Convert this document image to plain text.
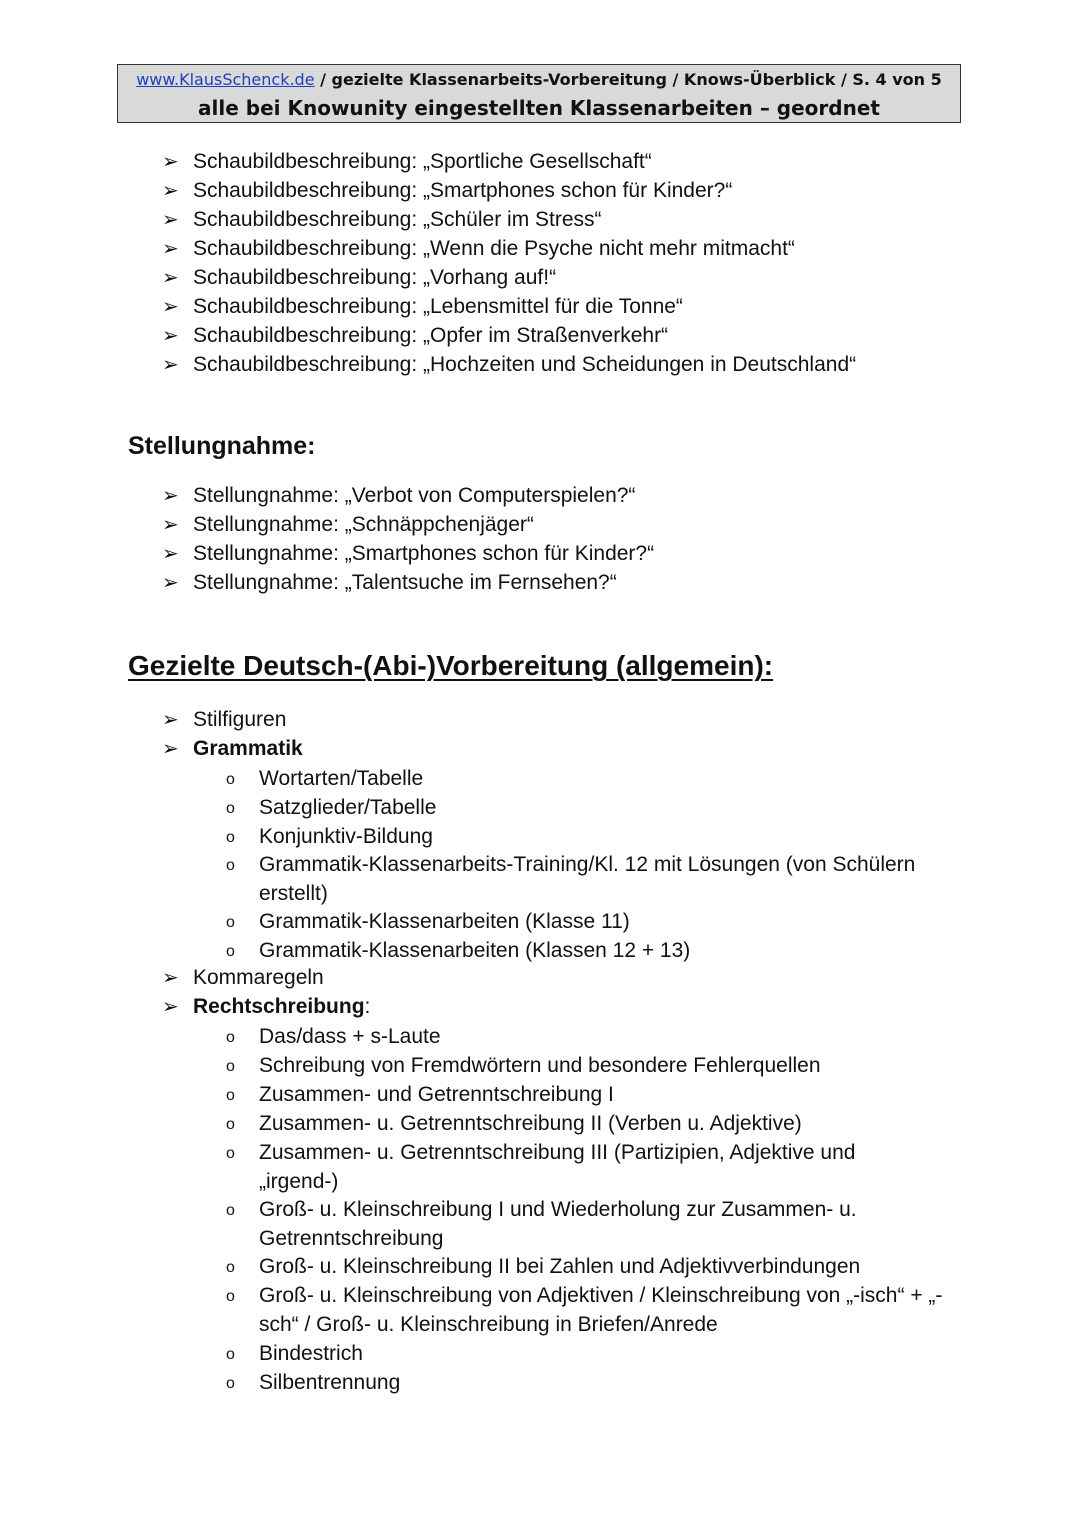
www.KlausSchenck.de / gezielte Klassenarbeits-Vorbereitung / Knows-Überblick / S. 4 von 5
alle bei Knowunity eingestellten Klassenarbeiten – geordnet
➢ Schaubildbeschreibung: „Sportliche Gesellschaft“
➢ Schaubildbeschreibung: „Smartphones schon für Kinder?“
➢ Schaubildbeschreibung: „Schüler im Stress“
➢ Schaubildbeschreibung: „Wenn die Psyche nicht mehr mitmacht“
➢ Schaubildbeschreibung: „Vorhang auf!“
➢ Schaubildbeschreibung: „Lebensmittel für die Tonne“
➢ Schaubildbeschreibung: „Opfer im Straßenverkehr“
➢ Schaubildbeschreibung: „Hochzeiten und Scheidungen in Deutschland“
Stellungnahme:
➢ Stellungnahme: „Verbot von Computerspielen?“
➢ Stellungnahme: „Schnäppchenjäger“
➢ Stellungnahme: „Smartphones schon für Kinder?“
➢ Stellungnahme: „Talentsuche im Fernsehen?“
Gezielte Deutsch-(Abi-)Vorbereitung (allgemein):
➢ Stilfiguren
➢ Grammatik
o Wortarten/Tabelle
o Satzglieder/Tabelle
o Konjunktiv-Bildung
o Grammatik-Klassenarbeits-Training/Kl. 12 mit Lösungen (von Schülern erstellt)
o Grammatik-Klassenarbeiten (Klasse 11)
o Grammatik-Klassenarbeiten (Klassen 12 + 13)
➢ Kommaregeln
➢ Rechtschreibung:
o Das/dass + s-Laute
o Schreibung von Fremdwörtern und besondere Fehlerquellen
o Zusammen- und Getrenntschreibung I
o Zusammen- u. Getrenntschreibung II (Verben u. Adjektive)
o Zusammen- u. Getrenntschreibung III (Partizipien, Adjektive und „irgend-)
o Groß- u. Kleinschreibung I und Wiederholung zur Zusammen- u. Getrenntschreibung
o Groß- u. Kleinschreibung II bei Zahlen und Adjektivverbindungen
o Groß- u. Kleinschreibung von Adjektiven / Kleinschreibung von „-isch“ + „-sch“ / Groß- u. Kleinschreibung in Briefen/Anrede
o Bindestrich
o Silbentrennung
